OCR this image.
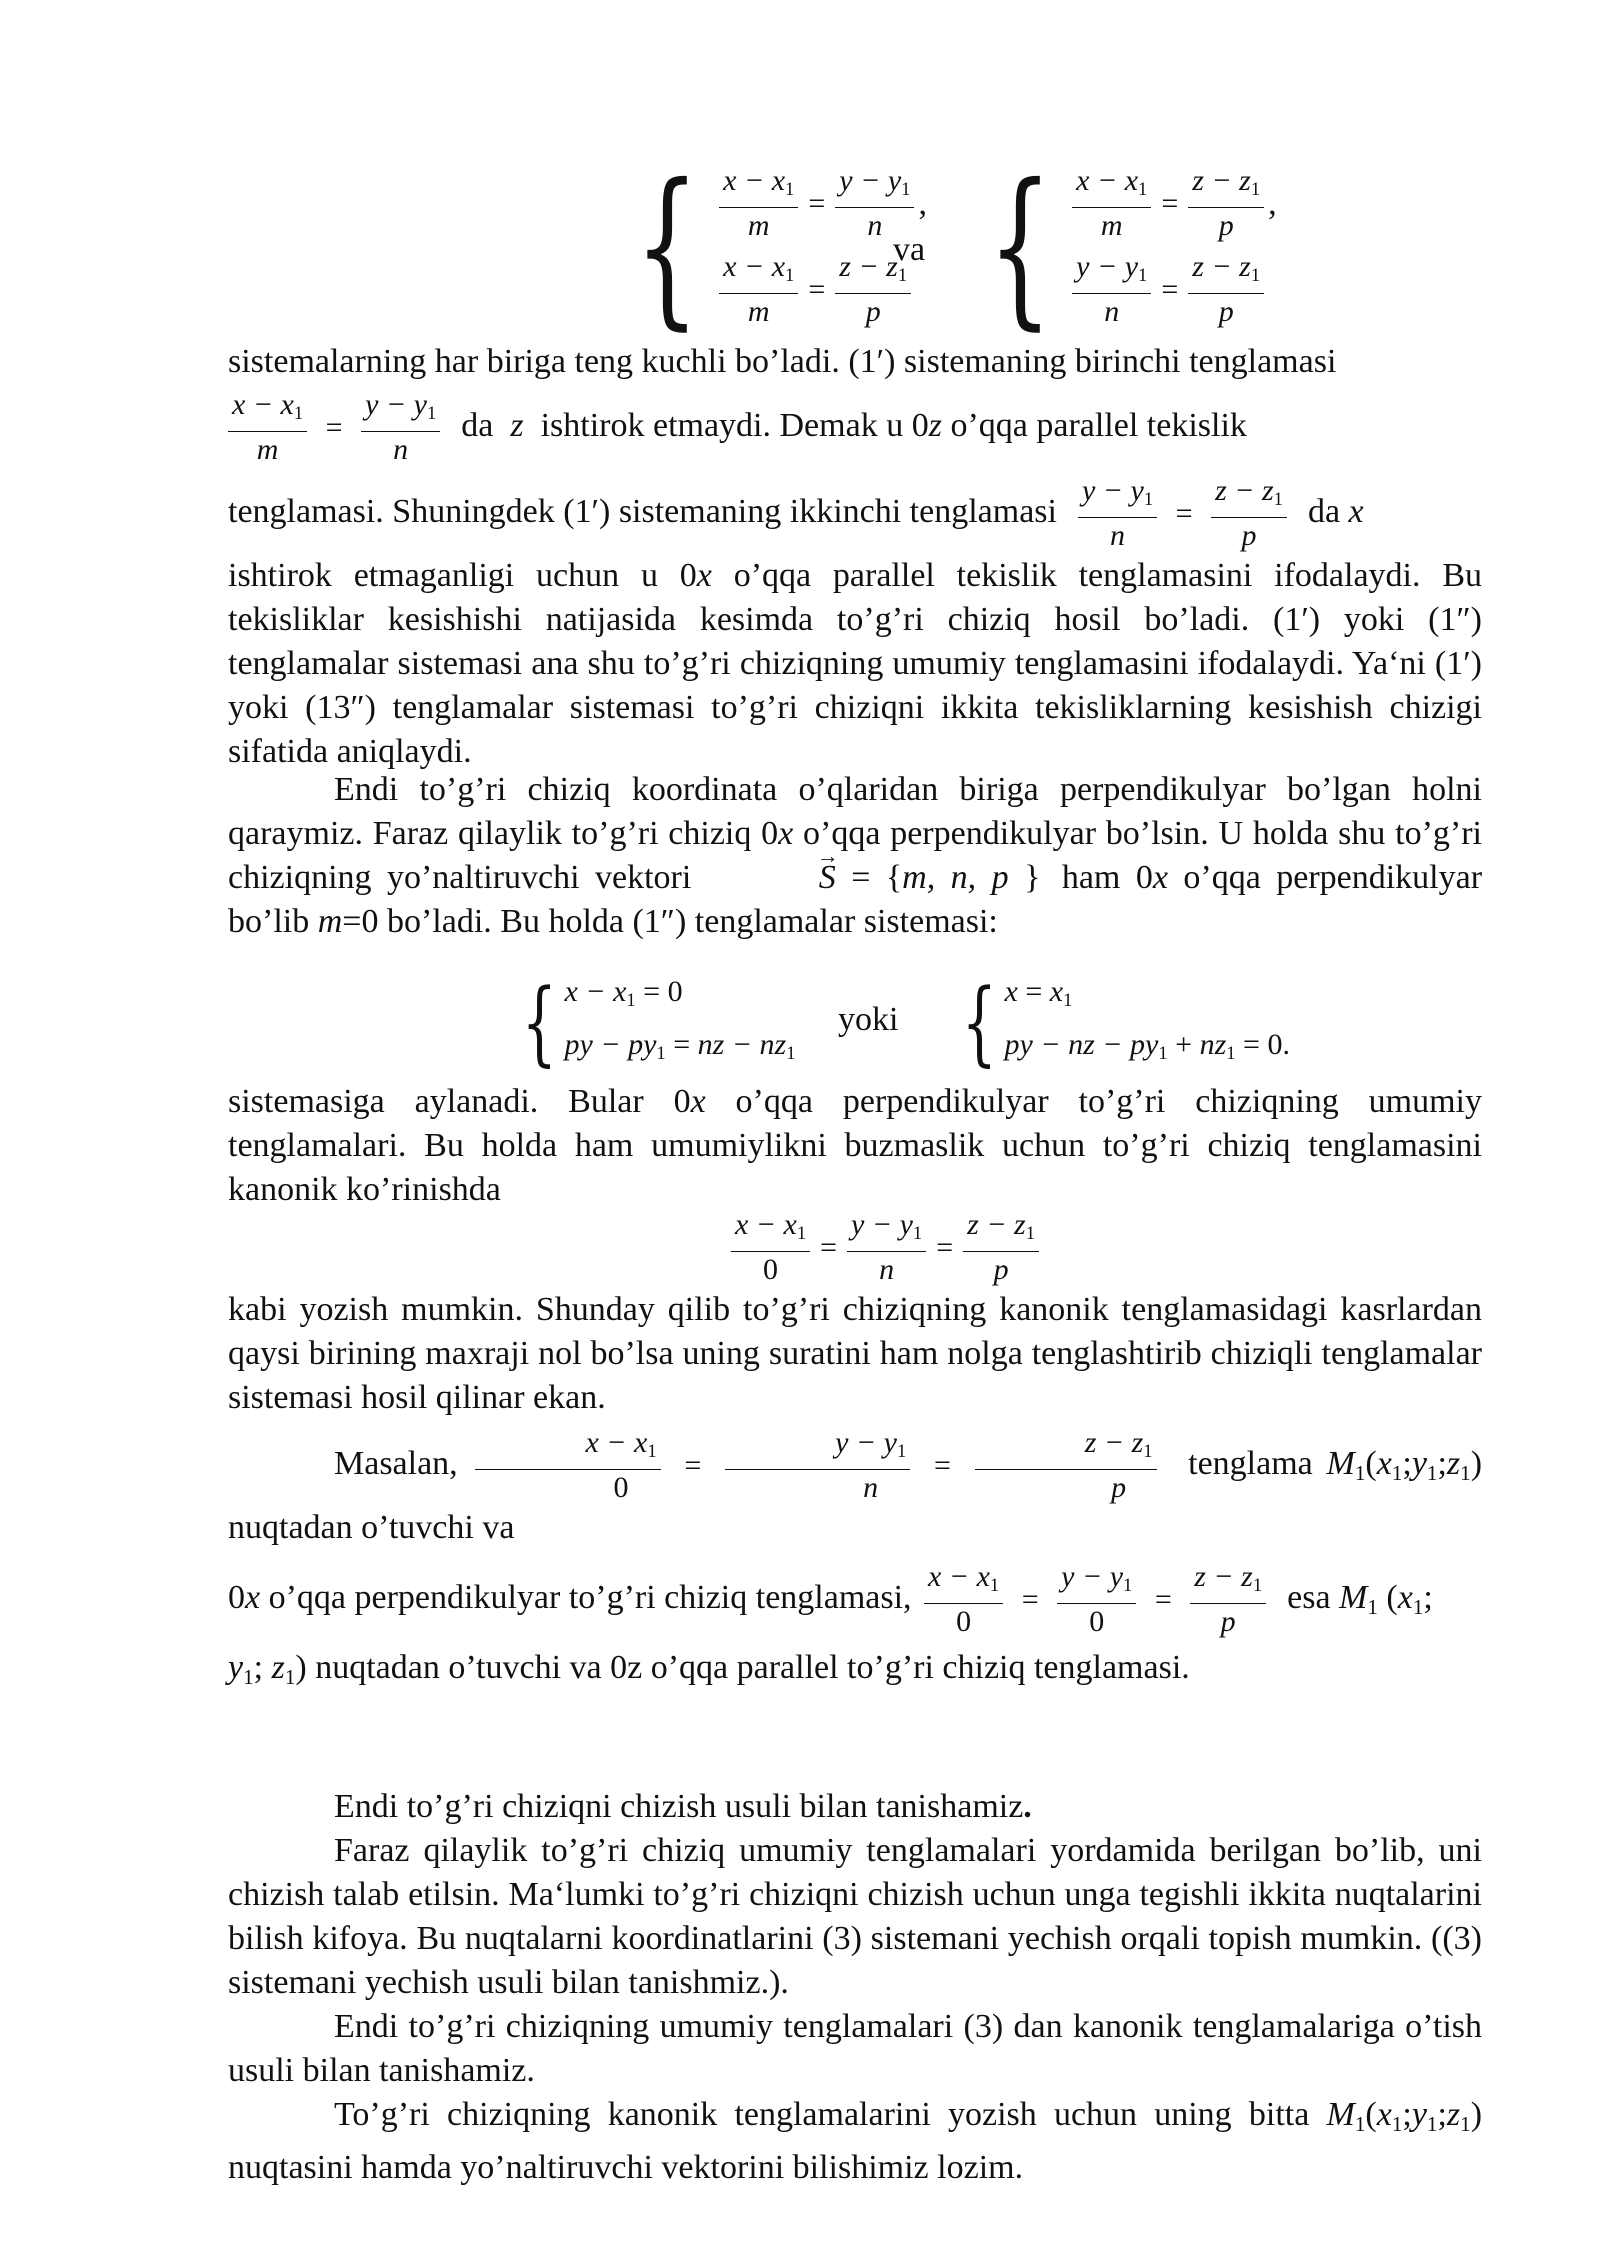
{ $\frac{x - x_1}{m} = \frac{y - y_1}{n}$ ,
$\frac{x - x_1}{m} = \frac{z - z_1}{p}$
va { $\frac{x - x_1}{m} = \frac{z - z_1}{p}$ ,
$\frac{y - y_1}{n} = \frac{z - z_1}{p}$

sistemalarning har biriga teng kuchli bo’ladi. (1′) sistemaning birinchi tenglamasi

$\frac{x - x_1}{m} = \frac{y - y_1}{n}$ da z ishtirok etmaydi. Demak u 0z o’qqa parallel tekislik

tenglamasi. Shuningdek (1′) sistemaning ikkinchi tenglamasi $\frac{y - y_1}{n} = \frac{z - z_1}{p}$ da x

ishtirok etmaganligi uchun u 0x o’qqa parallel tekislik tenglamasini ifodalaydi. Bu tekisliklar kesishishi natijasida kesimda to’g’ri chiziq hosil bo’ladi. (1′) yoki (1″) tenglamalar sistemasi ana shu to’g’ri chiziqning umumiy tenglamasini ifodalaydi. Ya‘ni (1′) yoki (13″) tenglamalar sistemasi to’g’ri chiziqni ikkita tekisliklarning kesishish chizigi sifatida aniqlaydi.

Endi to’g’ri chiziq koordinata o’qlaridan biriga perpendikulyar bo’lgan holni qaraymiz. Faraz qilaylik to’g’ri chiziq 0x o’qqa perpendikulyar bo’lsin. U holda shu to’g’ri chiziqning yo’naltiruvchi vektori →	S = {m, n, p } ham 0x o’qqa perpendikulyar bo’lib m=0 bo’ladi. Bu holda (1″) tenglamalar sistemasi:

{ $x - x_1 = 0$
py − $py_1$ = nz − $nz_1$
yoki { $x = x_1$
py − nz − $py_1 + nz_1 = 0$.

sistemasiga aylanadi. Bular 0x o’qqa perpendikulyar to’g’ri chiziqning umumiy tenglamalari. Bu holda ham umumiylikni buzmaslik uchun to’g’ri chiziq tenglamasini kanonik ko’rinishda

$\frac{x - x_1}{0} = \frac{y - y_1}{n} = \frac{z - z_1}{p}$

kabi yozish mumkin. Shunday qilib to’g’ri chiziqning kanonik tenglamasidagi kasrlardan qaysi birining maxraji nol bo’lsa uning suratini ham nolga tenglashtirib chiziqli tenglamalar sistemasi hosil qilinar ekan.

Masalan, $\frac{x - x_1}{0} = \frac{y - y_1}{n} = \frac{z - z_1}{p}$ tenglama $M_1(x_1;y_1;z_1)$ nuqtadan o’tuvchi va

0x o’qqa perpendikulyar to’g’ri chiziq tenglamasi, $\frac{x - x_1}{0} = \frac{y - y_1}{0} = \frac{z - z_1}{p}$ esa $M_1$ ($x_1$;

$y_1$; $z_1$) nuqtadan o’tuvchi va 0z o’qqa parallel to’g’ri chiziq tenglamasi.

Endi to’g’ri chiziqni chizish usuli bilan tanishamiz.

Faraz qilaylik to’g’ri chiziq umumiy tenglamalari yordamida berilgan bo’lib, uni chizish talab etilsin. Ma‘lumki to’g’ri chiziqni chizish uchun unga tegishli ikkita nuqtalarini bilish kifoya. Bu nuqtalarni koordinatlarini (3) sistemani yechish orqali topish mumkin. ((3) sistemani yechish usuli bilan tanishmiz.).

Endi to’g’ri chiziqning umumiy tenglamalari (3) dan kanonik tenglamalariga o’tish usuli bilan tanishamiz.

To’g’ri chiziqning kanonik tenglamalarini yozish uchun uning bitta $M_1(x_1;y_1;z_1)$ nuqtasini hamda yo’naltiruvchi vektorini bilishimiz lozim.
